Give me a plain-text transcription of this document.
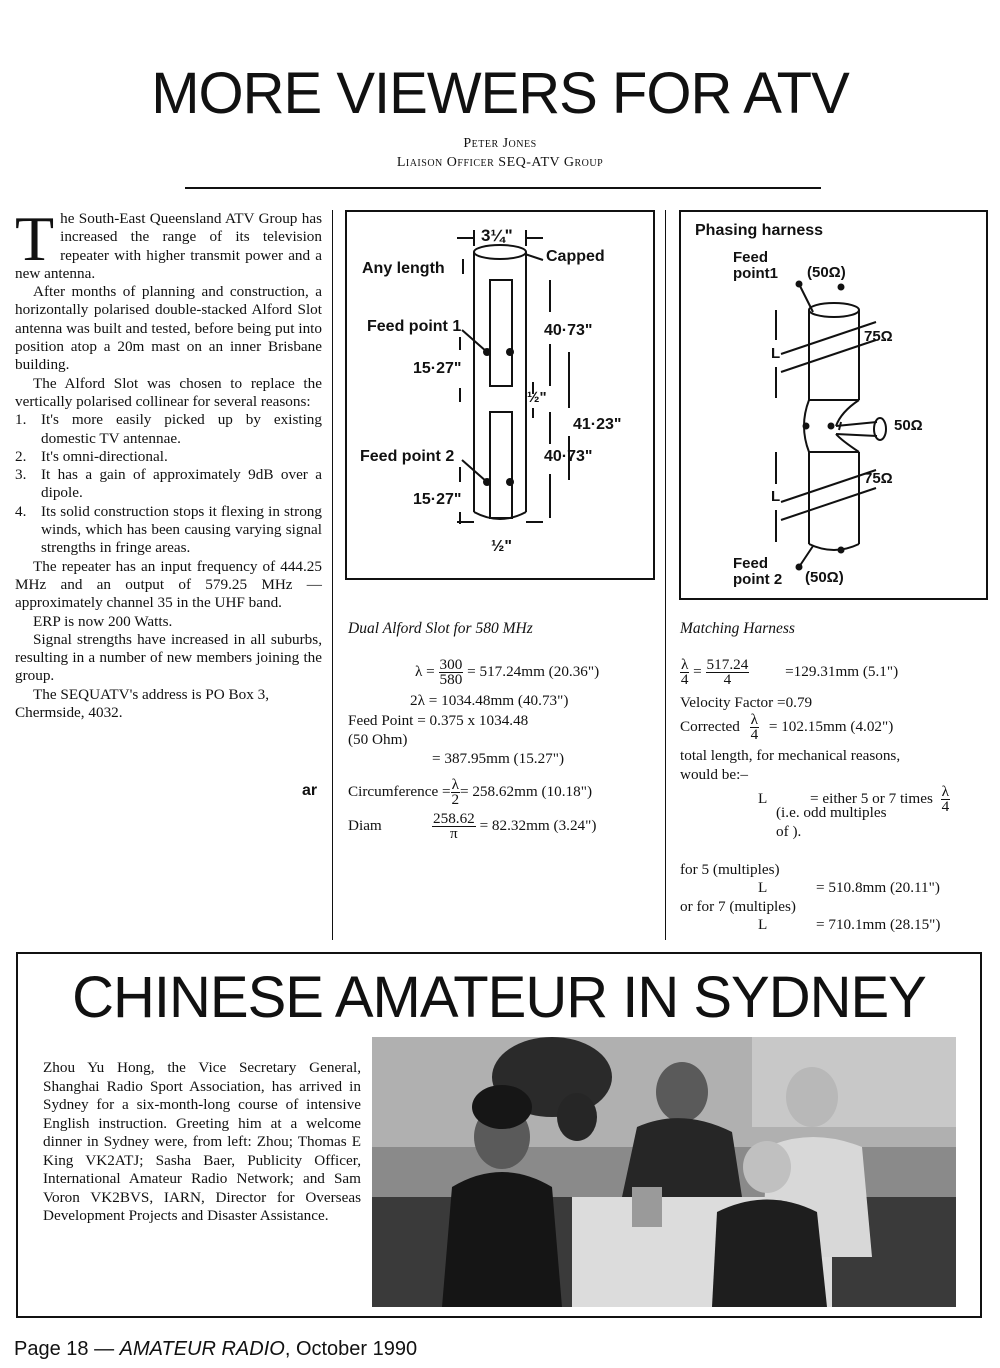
MORE VIEWERS FOR ATV
Peter Jones
Liaison Officer SEQ-ATV Group

The South-East Queensland ATV Group has increased the range of its television repeater with higher transmit power and a new antenna.

After months of planning and construction, a horizontally polarised double-stacked Alford Slot antenna was built and tested, before being put into position atop a 20m mast on an inner Brisbane building.

The Alford Slot was chosen to replace the vertically polarised collinear for several reasons:

1. It's more easily picked up by existing domestic TV antennae.
2. It's omni-directional.
3. It has a gain of approximately 9dB over a dipole.
4. Its solid construction stops it flexing in strong winds, which has been causing varying signal strengths in fringe areas.

The repeater has an input frequency of 444.25 MHz and an output of 579.25 MHz — approximately channel 35 in the UHF band.

ERP is now 200 Watts.

Signal strengths have increased in all suburbs, resulting in a number of new members joining the group.

The SEQUATV's address is PO Box 3, Chermside, 4032.

ar
3¼"
Capped
Any length
Feed point 1
15·27"
40·73"
½"
41·23"
Feed point 2	40·73"
15·27"
½"
Dual Alford Slot for 580 MHz
$\lambda = \frac{300}{580} = 517.24mm$ (20.36")
2λ = 1034.48mm (40.73")
Feed Point = 0.375 x 1034.48
(50 Ohm)
= 387.95mm (15.27")
Circumference = $\frac{\lambda}{2} = 258.62mm$ (10.18")
Diam	$\frac{258.62}{\pi} = 82.32mm$ (3.24")
Phasing harness
Feed
point1 (50Ω)
75Ω
L
50Ω
75Ω
L
Feed
point 2 (50Ω)
Matching Harness
$\frac{\lambda}{4} = \frac{517.24}{4} =129.31mm$ (5.1")
Velocity Factor =0.79
Corrected $\frac{\lambda}{4} = 102.15mm$ (4.02")
total length, for mechanical reasons,
would be:–
L	= either 5 or 7 times $\frac{\lambda}{4}$
(i.e. odd multiples
of ).
for 5 (multiples)
L	= 510.8mm (20.11")
or for 7 (multiples)
L	= 710.1mm (28.15")
CHINESE AMATEUR IN SYDNEY
Zhou Yu Hong, the Vice Secretary General, Shanghai Radio Sport Association, has arrived in Sydney for a six-month-long course of intensive English instruction. Greeting him at a welcome dinner in Sydney were, from left: Zhou; Thomas E King VK2ATJ; Sasha Baer, Publicity Officer, International Amateur Radio Network; and Sam Voron VK2BVS, IARN, Director for Overseas Development Projects and Disaster Assistance.
Page 18 — AMATEUR RADIO, October 1990
